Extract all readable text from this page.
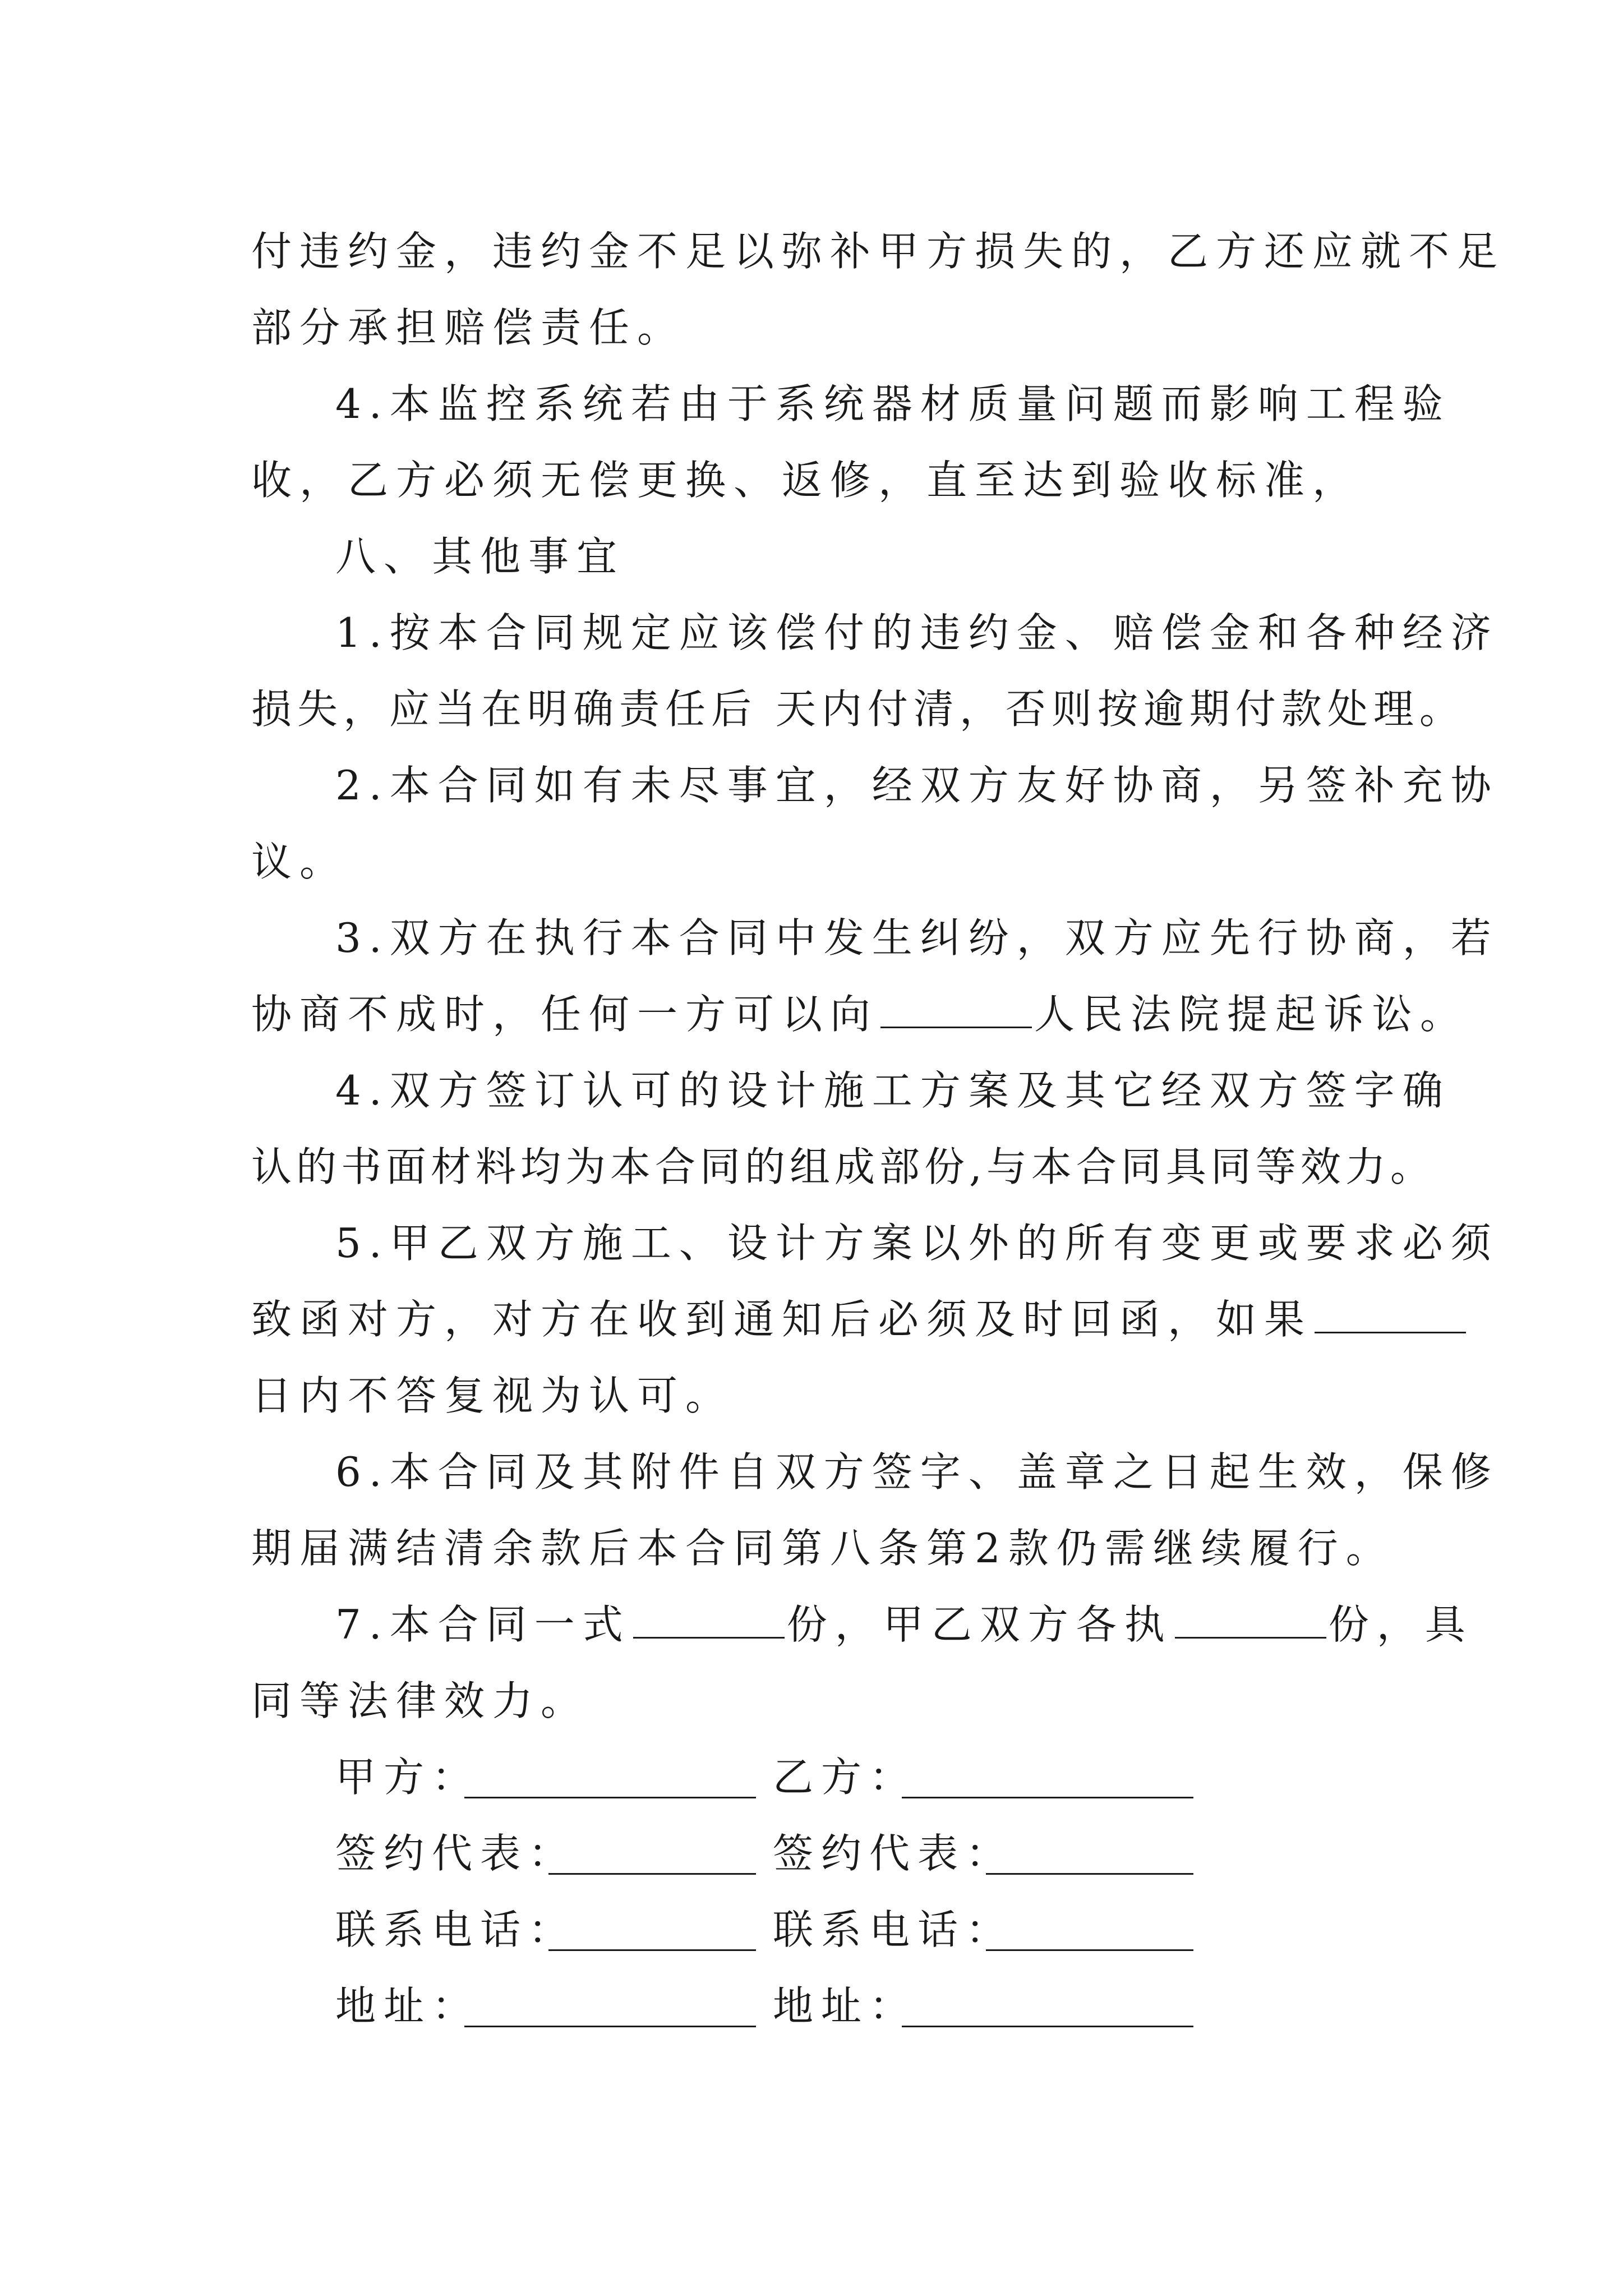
付违约金，违约金不足以弥补甲方损失的，乙方还应就不足
部分承担赔偿责任。
4.本监控系统若由于系统器材质量问题而影响工程验
收，乙方必须无偿更换、返修，直至达到验收标准，
八、其他事宜
1.按本合同规定应该偿付的违约金、赔偿金和各种经济
损失，应当在明确责任后 天内付清，否则按逾期付款处理。
2.本合同如有未尽事宜，经双方友好协商，另签补充协
议。
3.双方在执行本合同中发生纠纷，双方应先行协商，若
协商不成时，任何一方可以向	人民法院提起诉讼。
4.双方签订认可的设计施工方案及其它经双方签字确
认的书面材料均为本合同的组成部份,与本合同具同等效力。
5.甲乙双方施工、设计方案以外的所有变更或要求必须
致函对方，对方在收到通知后必须及时回函，如果
日内不答复视为认可。
6.本合同及其附件自双方签字、盖章之日起生效，保修
期届满结清余款后本合同第八条第2款仍需继续履行。
7.本合同一式	份，甲乙双方各执	份，具
同等法律效力。
甲方：	乙方：
签约代表：	签约代表：
联系电话：	联系电话：
地址：	地址：
